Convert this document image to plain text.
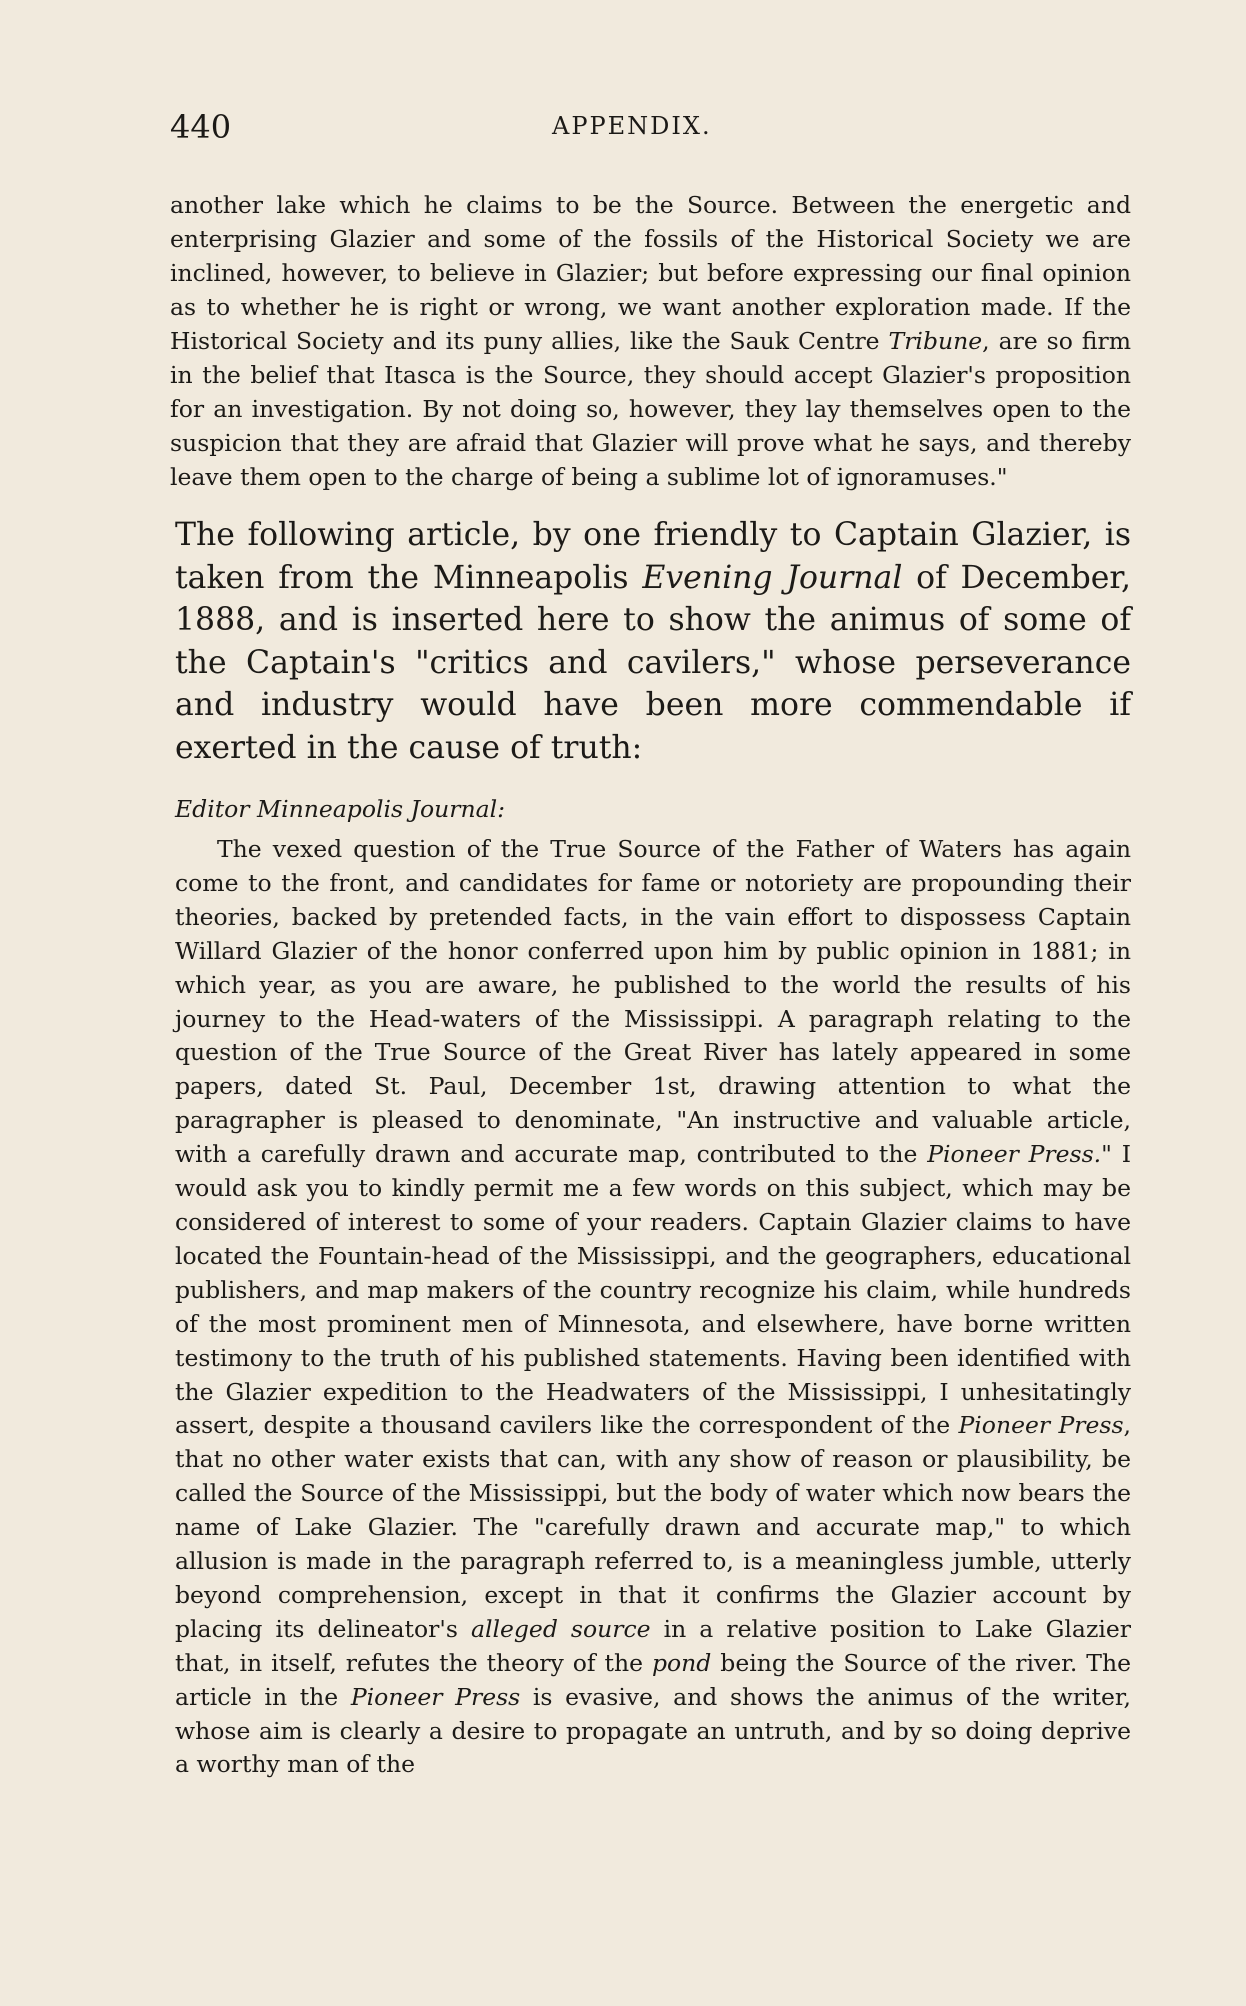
440	APPENDIX.

another lake which he claims to be the Source. Between the energetic and enterprising Glazier and some of the fossils of the Historical Society we are inclined, however, to believe in Glazier; but before expressing our final opinion as to whether he is right or wrong, we want another exploration made. If the Historical Society and its puny allies, like the Sauk Centre Tribune, are so firm in the belief that Itasca is the Source, they should accept Glazier's proposition for an investigation. By not doing so, however, they lay themselves open to the suspicion that they are afraid that Glazier will prove what he says, and thereby leave them open to the charge of being a sublime lot of ignoramuses."

The following article, by one friendly to Captain Glazier, is taken from the Minneapolis Evening Journal of December, 1888, and is inserted here to show the animus of some of the Captain's "critics and cavilers," whose perseverance and industry would have been more commendable if exerted in the cause of truth:

Editor Minneapolis Journal:

The vexed question of the True Source of the Father of Waters has again come to the front, and candidates for fame or notoriety are propounding their theories, backed by pretended facts, in the vain effort to dispossess Captain Willard Glazier of the honor conferred upon him by public opinion in 1881; in which year, as you are aware, he published to the world the results of his journey to the Head-waters of the Mississippi. A paragraph relating to the question of the True Source of the Great River has lately appeared in some papers, dated St. Paul, December 1st, drawing attention to what the paragrapher is pleased to denominate, "An instructive and valuable article, with a carefully drawn and accurate map, contributed to the Pioneer Press." I would ask you to kindly permit me a few words on this subject, which may be considered of interest to some of your readers. Captain Glazier claims to have located the Fountain-head of the Mississippi, and the geographers, educational publishers, and map makers of the country recognize his claim, while hundreds of the most prominent men of Minnesota, and elsewhere, have borne written testimony to the truth of his published statements. Having been identified with the Glazier expedition to the Headwaters of the Mississippi, I unhesitatingly assert, despite a thousand cavilers like the correspondent of the Pioneer Press, that no other water exists that can, with any show of reason or plausibility, be called the Source of the Mississippi, but the body of water which now bears the name of Lake Glazier. The "carefully drawn and accurate map," to which allusion is made in the paragraph referred to, is a meaningless jumble, utterly beyond comprehension, except in that it confirms the Glazier account by placing its delineator's alleged source in a relative position to Lake Glazier that, in itself, refutes the theory of the pond being the Source of the river. The article in the Pioneer Press is evasive, and shows the animus of the writer, whose aim is clearly a desire to propagate an untruth, and by so doing deprive a worthy man of the
